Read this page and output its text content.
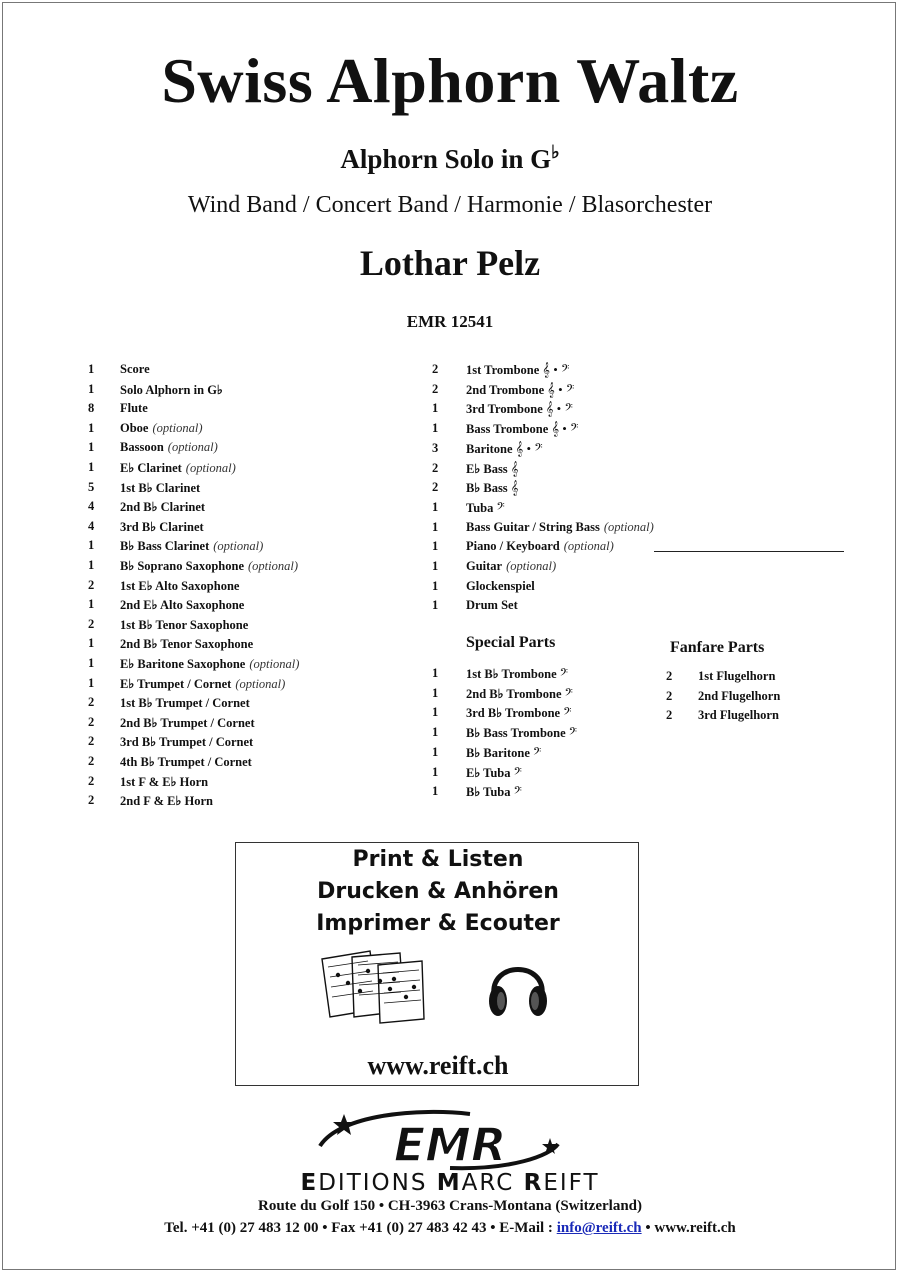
Swiss Alphorn Waltz
Alphorn Solo in G♭
Wind Band / Concert Band / Harmonie / Blasorchester
Lothar Pelz
EMR 12541
1 Score
1 Solo Alphorn in G♭
8 Flute
1 Oboe (optional)
1 Bassoon (optional)
1 E♭ Clarinet (optional)
5 1st B♭ Clarinet
4 2nd B♭ Clarinet
4 3rd B♭ Clarinet
1 B♭ Bass Clarinet (optional)
1 B♭ Soprano Saxophone (optional)
2 1st E♭ Alto Saxophone
1 2nd E♭ Alto Saxophone
2 1st B♭ Tenor Saxophone
1 2nd B♭ Tenor Saxophone
1 E♭ Baritone Saxophone (optional)
1 E♭ Trumpet / Cornet (optional)
2 1st B♭ Trumpet / Cornet
2 2nd B♭ Trumpet / Cornet
2 3rd B♭ Trumpet / Cornet
2 4th B♭ Trumpet / Cornet
2 1st F & E♭ Horn
2 2nd F & E♭ Horn
2 1st Trombone 𝄞 • 𝄢
2 2nd Trombone 𝄞 • 𝄢
1 3rd Trombone 𝄞 • 𝄢
1 Bass Trombone 𝄞 • 𝄢
3 Baritone 𝄞 • 𝄢
2 E♭ Bass 𝄞
2 B♭ Bass 𝄞
1 Tuba 𝄢
1 Bass Guitar / String Bass (optional)
1 Piano / Keyboard (optional)
1 Guitar (optional)
1 Glockenspiel
1 Drum Set
Special Parts
1 1st B♭ Trombone 𝄢
1 2nd B♭ Trombone 𝄢
1 3rd B♭ Trombone 𝄢
1 B♭ Bass Trombone 𝄢
1 B♭ Baritone 𝄢
1 E♭ Tuba 𝄢
1 B♭ Tuba 𝄢
Fanfare Parts
2 1st Flugelhorn
2 2nd Flugelhorn
2 3rd Flugelhorn
Print & Listen
Drucken & Anhören
Imprimer & Ecouter
www.reift.ch
EMR
EDITIONS MARC REIFT
Route du Golf 150 • CH-3963 Crans-Montana (Switzerland)
Tel. +41 (0) 27 483 12 00 • Fax +41 (0) 27 483 42 43 • E-Mail : info@reift.ch • www.reift.ch
